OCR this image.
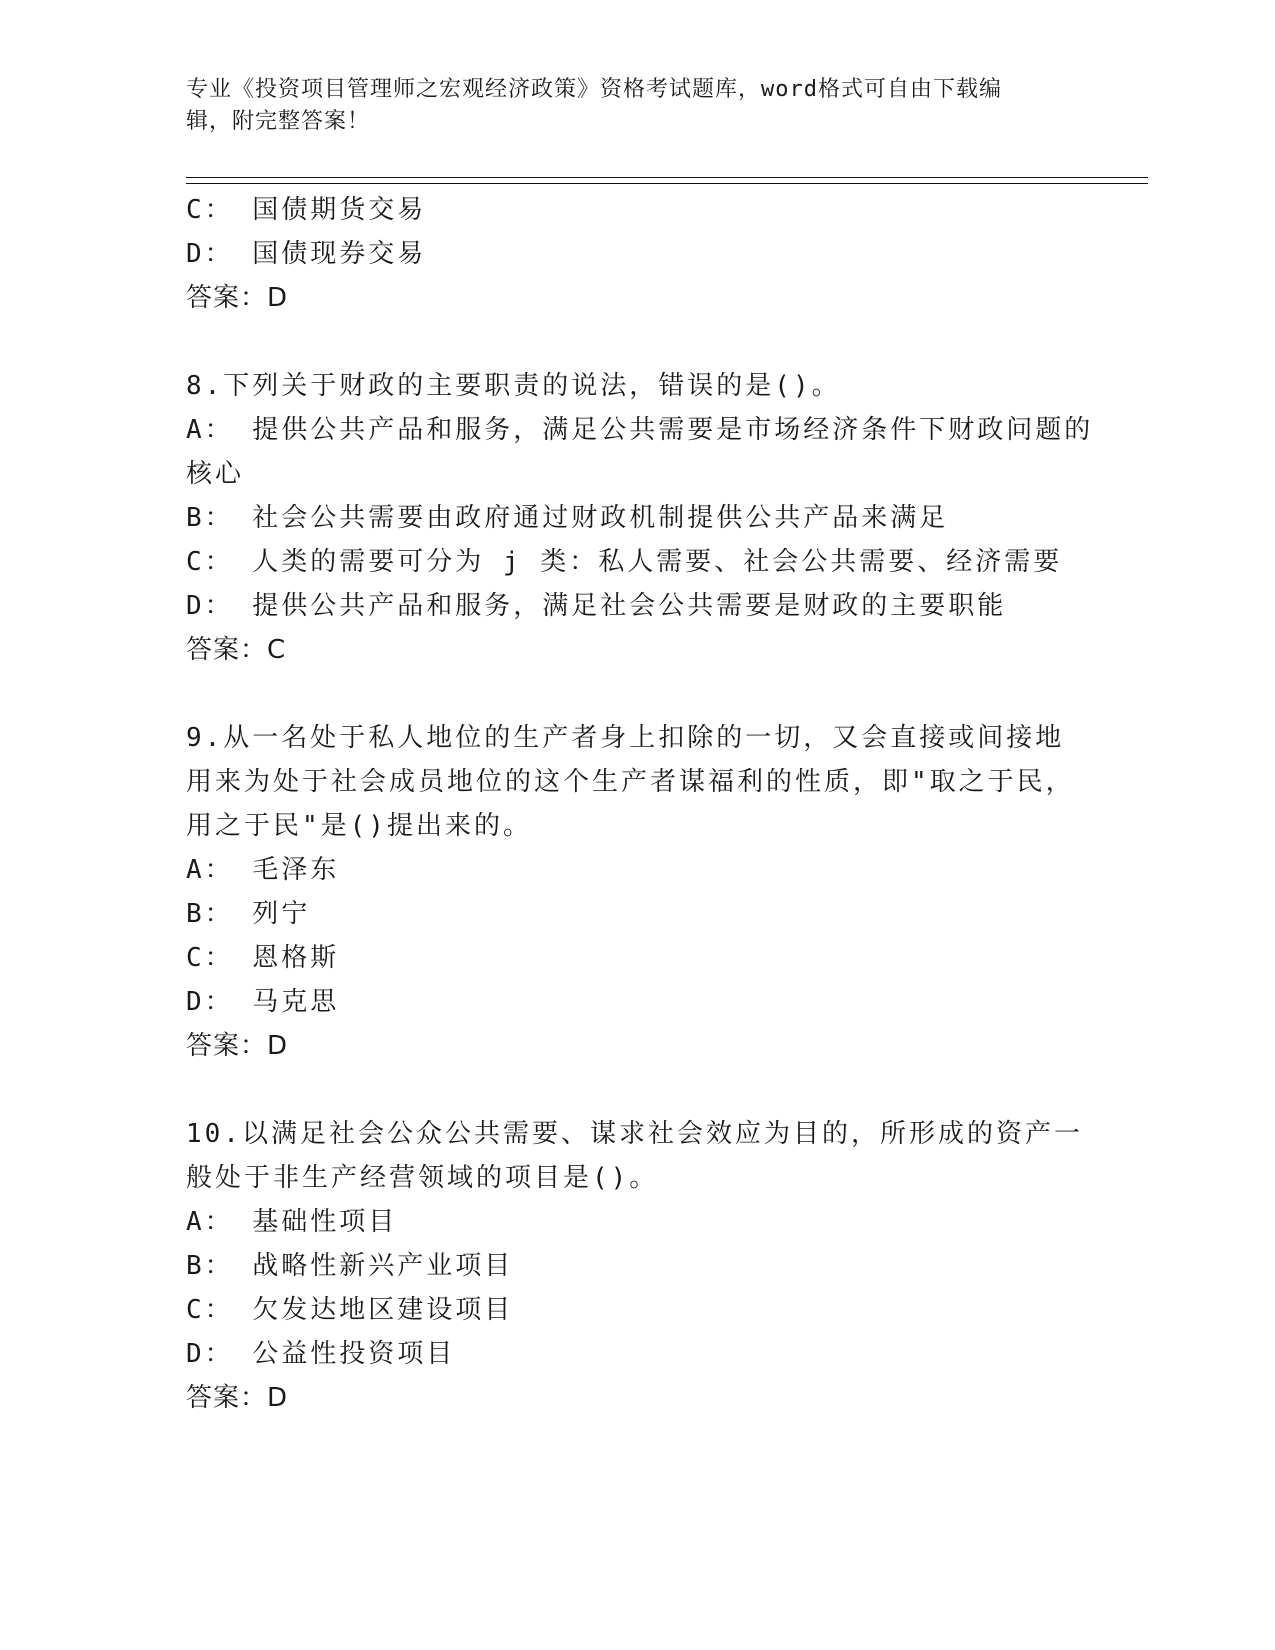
专业《投资项目管理师之宏观经济政策》资格考试题库，word格式可自由下载编
辑，附完整答案！
C： 国债期货交易
D： 国债现券交易
答案：D
8.下列关于财政的主要职责的说法，错误的是()。
A： 提供公共产品和服务，满足公共需要是市场经济条件下财政问题的
核心
B： 社会公共需要由政府通过财政机制提供公共产品来满足
C： 人类的需要可分为 j 类：私人需要、社会公共需要、经济需要
D： 提供公共产品和服务，满足社会公共需要是财政的主要职能
答案：C
9.从一名处于私人地位的生产者身上扣除的一切，又会直接或间接地
用来为处于社会成员地位的这个生产者谋福利的性质，即"取之于民，
用之于民"是()提出来的。
A： 毛泽东
B： 列宁
C： 恩格斯
D： 马克思
答案：D
10.以满足社会公众公共需要、谋求社会效应为目的，所形成的资产一
般处于非生产经营领域的项目是()。
A： 基础性项目
B： 战略性新兴产业项目
C： 欠发达地区建设项目
D： 公益性投资项目
答案：D
